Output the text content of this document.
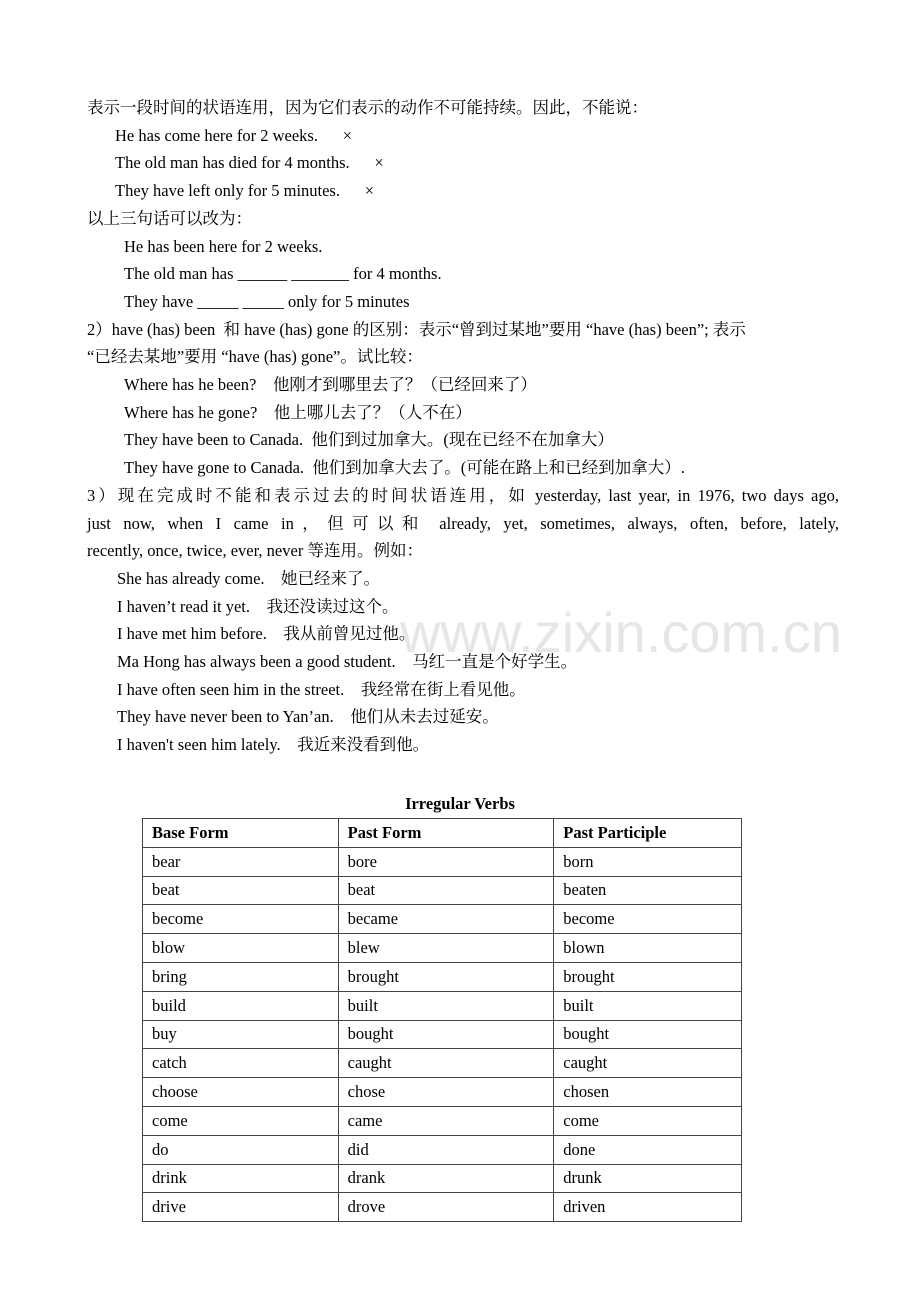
www.zixin.com.cn
表示一段时间的状语连用，因为它们表示的动作不可能持续。因此，不能说：
He has come here for 2 weeks.      ×
The old man has died for 4 months.      ×
They have left only for 5 minutes.      ×
以上三句话可以改为：
He has been here for 2 weeks.
The old man has ______ _______ for 4 months.
They have _____ _____ only for 5 minutes
2）have (has) been  和 have (has) gone 的区别：表示“曾到过某地”要用 “have (has) been”; 表示
“已经去某地”要用 “have (has) gone”。试比较：
Where has he been?    他刚才到哪里去了？（已经回来了）
Where has he gone?    他上哪儿去了？（人不在）
They have been to Canada.  他们到过加拿大。(现在已经不在加拿大）
They have gone to Canada.  他们到加拿大去了。(可能在路上和已经到加拿大）.
3）现在完成时不能和表示过去的时间状语连用，如 yesterday, last year, in 1976, two days ago,
just now, when I came in，但可以和 already, yet, sometimes, always, often, before, lately,
recently, once, twice, ever, never 等连用。例如：
She has already come.    她已经来了。
I haven’t read it yet.    我还没读过这个。
I have met him before.    我从前曾见过他。
Ma Hong has always been a good student.    马红一直是个好学生。
I have often seen him in the street.    我经常在街上看见他。
They have never been to Yan’an.    他们从未去过延安。
I haven't seen him lately.    我近来没看到他。
Irregular Verbs
Base Form	Past Form	Past Participle
bear	bore	born
beat	beat	beaten
become	became	become
blow	blew	blown
bring	brought	brought
build	built	built
buy	bought	bought
catch	caught	caught
choose	chose	chosen
come	came	come
do	did	done
drink	drank	drunk
drive	drove	driven
